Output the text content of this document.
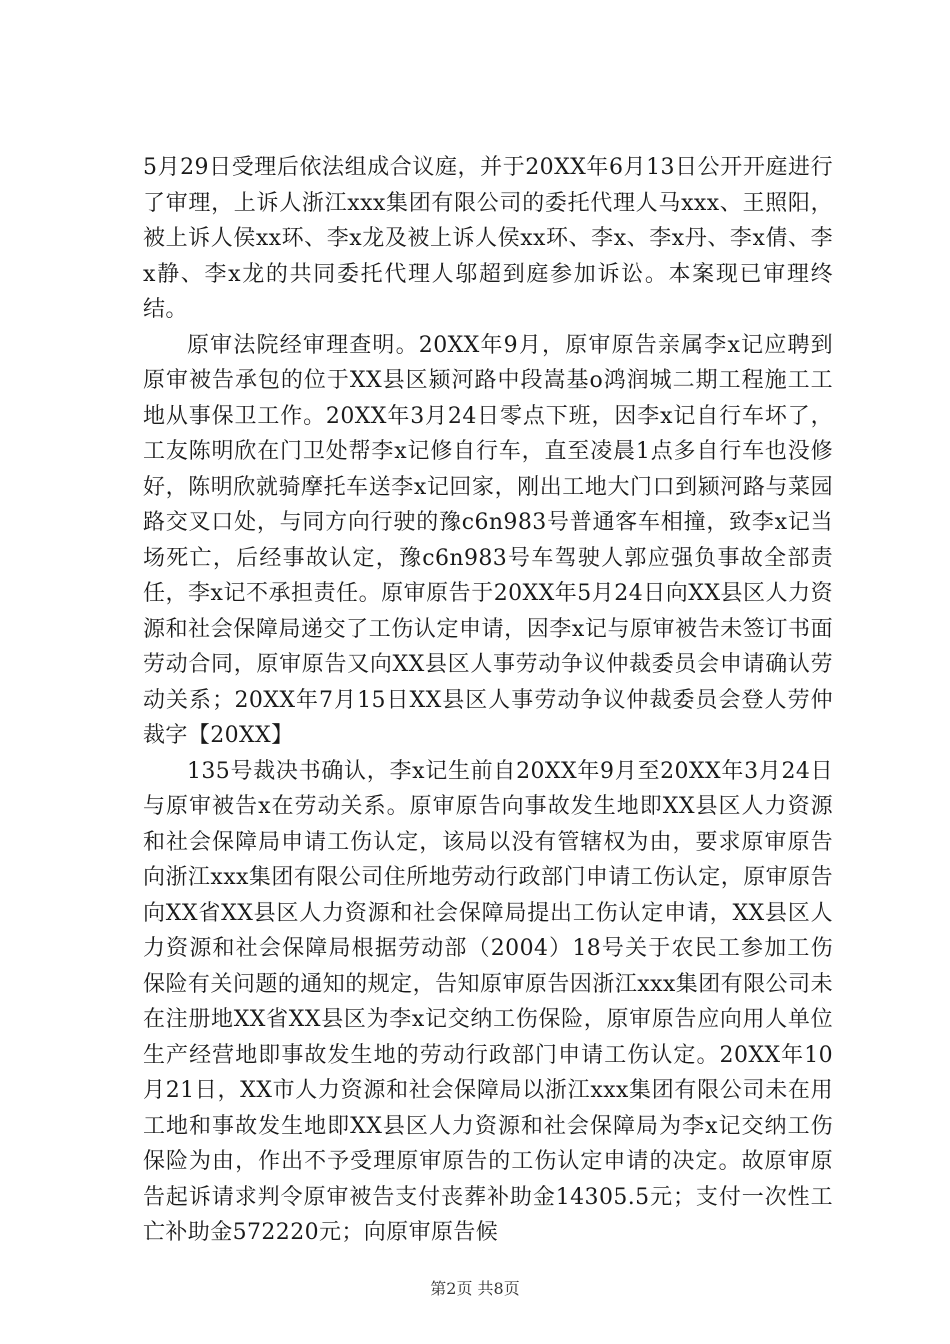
5月29日受理后依法组成合议庭，并于20XX年6月13日公开开庭进行了审理，上诉人浙江xxx集团有限公司的委托代理人马xxx、王照阳，被上诉人侯xx环、李x龙及被上诉人侯xx环、李x、李x丹、李x倩、李x静、李x龙的共同委托代理人邬超到庭参加诉讼。本案现已审理终结。

原审法院经审理查明。20XX年9月，原审原告亲属李x记应聘到原审被告承包的位于XX县区颍河路中段嵩基o鸿润城二期工程施工工地从事保卫工作。20XX年3月24日零点下班，因李x记自行车坏了，工友陈明欣在门卫处帮李x记修自行车，直至凌晨1点多自行车也没修好，陈明欣就骑摩托车送李x记回家，刚出工地大门口到颍河路与菜园路交叉口处，与同方向行驶的豫c6n983号普通客车相撞，致李x记当场死亡，后经事故认定，豫c6n983号车驾驶人郭应强负事故全部责任，李x记不承担责任。原审原告于20XX年5月24日向XX县区人力资源和社会保障局递交了工伤认定申请，因李x记与原审被告未签订书面劳动合同，原审原告又向XX县区人事劳动争议仲裁委员会申请确认劳动关系；20XX年7月15日XX县区人事劳动争议仲裁委员会登人劳仲裁字【20XX】

135号裁决书确认，李x记生前自20XX年9月至20XX年3月24日与原审被告x在劳动关系。原审原告向事故发生地即XX县区人力资源和社会保障局申请工伤认定，该局以没有管辖权为由，要求原审原告向浙江xxx集团有限公司住所地劳动行政部门申请工伤认定，原审原告向XX省XX县区人力资源和社会保障局提出工伤认定申请，XX县区人力资源和社会保障局根据劳动部（2004）18号关于农民工参加工伤保险有关问题的通知的规定，告知原审原告因浙江xxx集团有限公司未在注册地XX省XX县区为李x记交纳工伤保险，原审原告应向用人单位生产经营地即事故发生地的劳动行政部门申请工伤认定。20XX年10月21日，XX市人力资源和社会保障局以浙江xxx集团有限公司未在用工地和事故发生地即XX县区人力资源和社会保障局为李x记交纳工伤保险为由，作出不予受理原审原告的工伤认定申请的决定。故原审原告起诉请求判令原审被告支付丧葬补助金14305.5元；支付一次性工亡补助金572220元；向原审原告候

第2页 共8页
